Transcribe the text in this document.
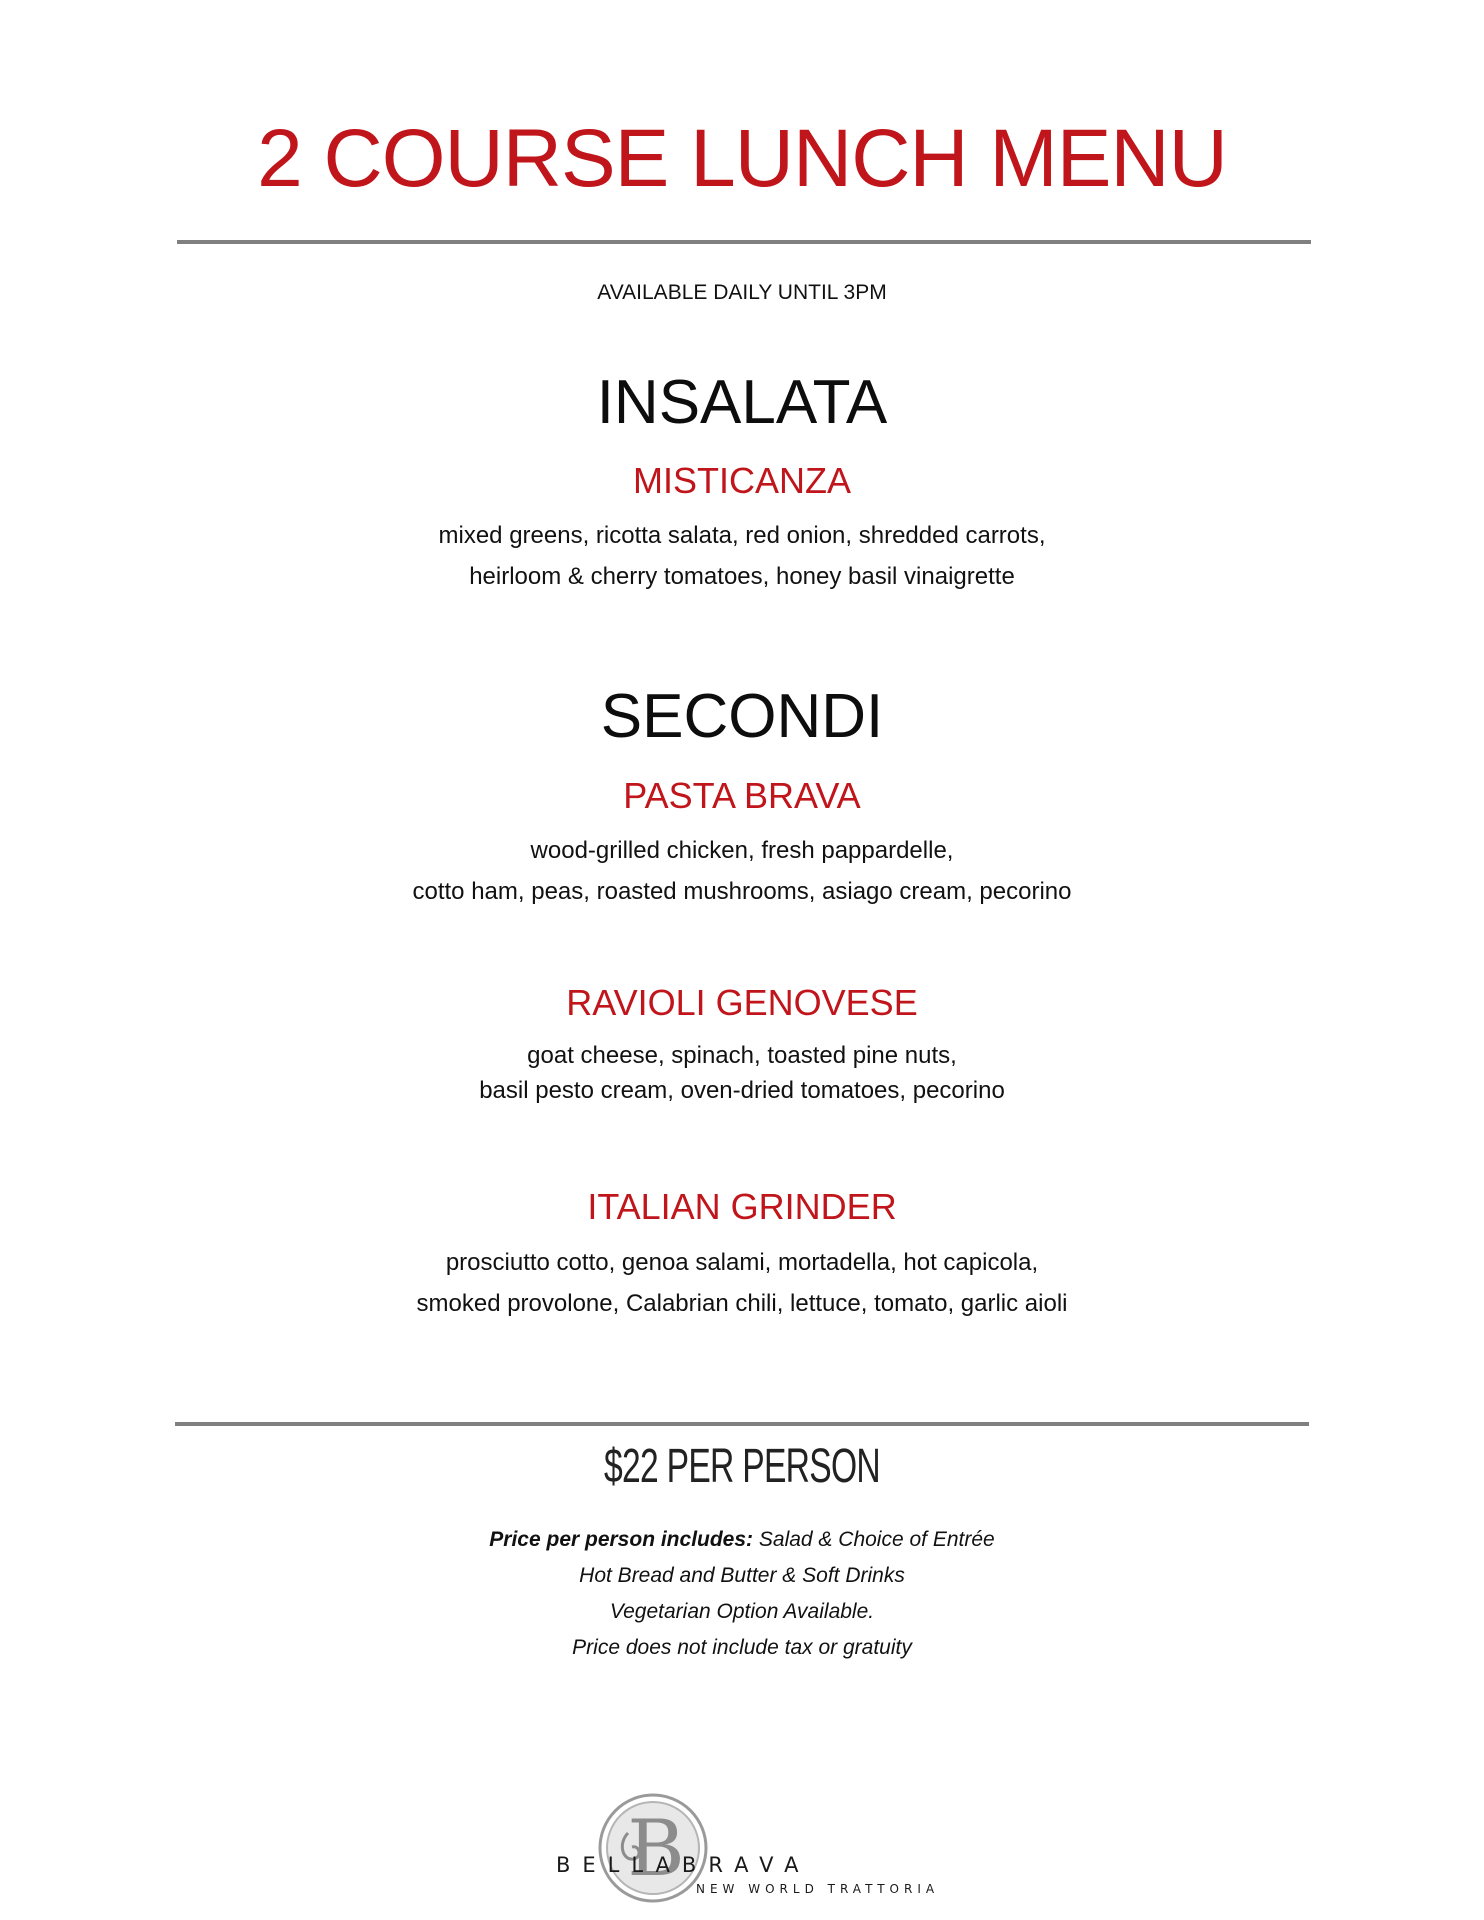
2 COURSE LUNCH MENU
AVAILABLE DAILY UNTIL 3PM
INSALATA
MISTICANZA
mixed greens, ricotta salata, red onion, shredded carrots,
heirloom & cherry tomatoes, honey basil vinaigrette
SECONDI
PASTA BRAVA
wood-grilled chicken, fresh pappardelle,
cotto ham, peas, roasted mushrooms, asiago cream, pecorino
RAVIOLI GENOVESE
goat cheese, spinach, toasted pine nuts,
basil pesto cream, oven-dried tomatoes, pecorino
ITALIAN GRINDER
prosciutto cotto, genoa salami, mortadella, hot capicola,
smoked provolone, Calabrian chili, lettuce, tomato, garlic aioli
$22 PER PERSON
Price per person includes: Salad & Choice of Entrée
Hot Bread and Butter & Soft Drinks
Vegetarian Option Available.
Price does not include tax or gratuity
B
BELLABRAVA
NEW WORLD TRATTORIA
